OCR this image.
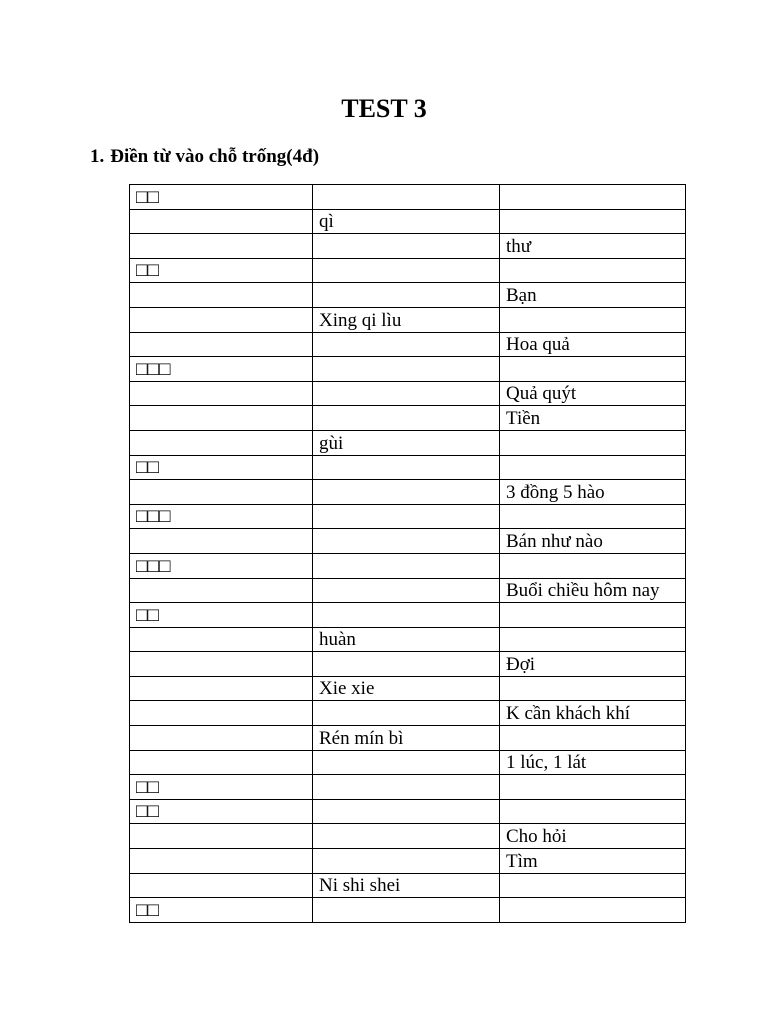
TEST 3

1. Điền từ vào chỗ trống(4đ)

□□		
	qì	
		thư
□□		
		Bạn
	Xing qi lìu	
		Hoa quả
□□□		
		Quả quýt
		Tiền
	gùi	
□□		
		3 đồng 5 hào
□□□		
		Bán như nào
□□□		
		Buổi chiều hôm nay
□□		
	huàn	
		Đợi
	Xie xie	
		K cần khách khí
	Rén mín bì	
		1 lúc, 1 lát
□□		
□□		
		Cho hỏi
		Tìm
	Ni shi shei	
□□		
